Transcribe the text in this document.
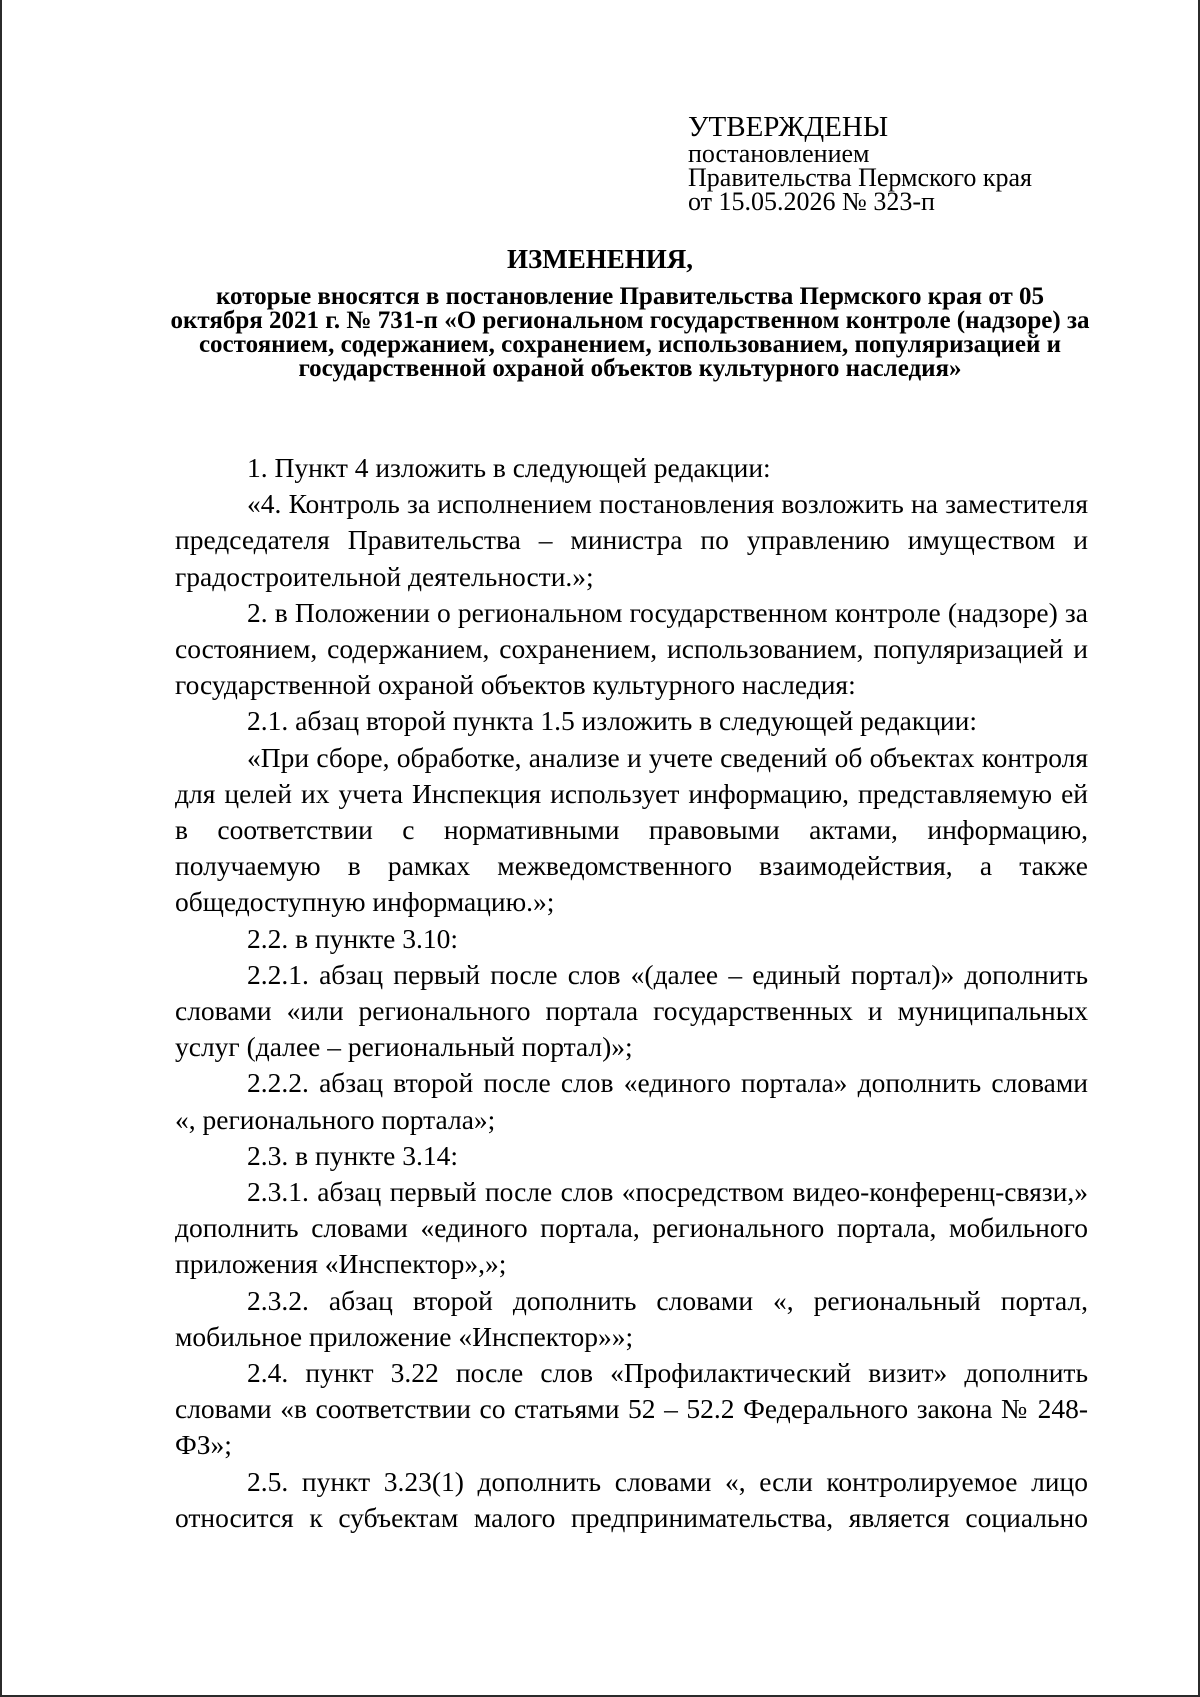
УТВЕРЖДЕНЫ
постановлением
Правительства Пермского края
от 15.05.2026 № 323-п
ИЗМЕНЕНИЯ,
которые вносятся в постановление Правительства Пермского края от 05 октября 2021 г. № 731-п «О региональном государственном контроле (надзоре) за состоянием, содержанием, сохранением, использованием, популяризацией и государственной охраной объектов культурного наследия»

1. Пункт 4 изложить в следующей редакции:

«4. Контроль за исполнением постановления возложить на заместителя председателя Правительства – министра по управлению имуществом и градостроительной деятельности.»;

2. в Положении о региональном государственном контроле (надзоре) за состоянием, содержанием, сохранением, использованием, популяризацией и государственной охраной объектов культурного наследия:

2.1. абзац второй пункта 1.5 изложить в следующей редакции:

«При сборе, обработке, анализе и учете сведений об объектах контроля для целей их учета Инспекция использует информацию, представляемую ей в соответствии с нормативными правовыми актами, информацию, получаемую в рамках межведомственного взаимодействия, а также общедоступную информацию.»;

2.2. в пункте 3.10:

2.2.1. абзац первый после слов «(далее – единый портал)» дополнить словами «или регионального портала государственных и муниципальных услуг (далее – региональный портал)»;

2.2.2. абзац второй после слов «единого портала» дополнить словами «, регионального портала»;

2.3. в пункте 3.14:

2.3.1. абзац первый после слов «посредством видео-конференц-связи,» дополнить словами «единого портала, регионального портала, мобильного приложения «Инспектор»,»;

2.3.2. абзац второй дополнить словами «, региональный портал, мобильное приложение «Инспектор»»;

2.4. пункт 3.22 после слов «Профилактический визит» дополнить словами «в соответствии со статьями 52 – 52.2 Федерального закона № 248-ФЗ»;

2.5. пункт 3.23(1) дополнить словами «, если контролируемое лицо относится к субъектам малого предпринимательства, является социально
